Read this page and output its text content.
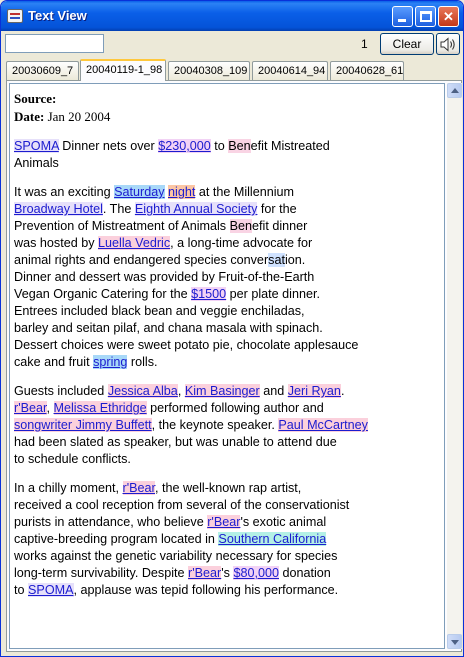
Text View	✕
1	Clear
20030609_7	20040119-1_98	20040308_109 20040614_94 20040628_61
Source:
Date: Jan 20 2004
SPOMA Dinner nets over $230,000 to Benefit Mistreated
Animals
It was an exciting Saturday night at the Millennium
Broadway Hotel. The Eighth Annual Society for the
Prevention of Mistreatment of Animals Benefit dinner
was hosted by Luella Vedric, a long-time advocate for
animal rights and endangered species conversation.
Dinner and dessert was provided by Fruit-of-the-Earth
Vegan Organic Catering for the $1500 per plate dinner.
Entrees included black bean and veggie enchiladas,
barley and seitan pilaf, and chana masala with spinach.
Dessert choices were sweet potato pie, chocolate applesauce
cake and fruit spring rolls.
Guests included Jessica Alba, Kim Basinger and Jeri Ryan.
r'Bear, Melissa Ethridge performed following author and
songwriter Jimmy Buffett, the keynote speaker. Paul McCartney
had been slated as speaker, but was unable to attend due
to schedule conflicts.
In a chilly moment, r'Bear, the well-known rap artist,
received a cool reception from several of the conservationist
purists in attendance, who believe r'Bear's exotic animal
captive-breeding program located in Southern California
works against the genetic variability necessary for species
long-term survivability. Despite r'Bear's $80,000 donation
to SPOMA, applause was tepid following his performance.
